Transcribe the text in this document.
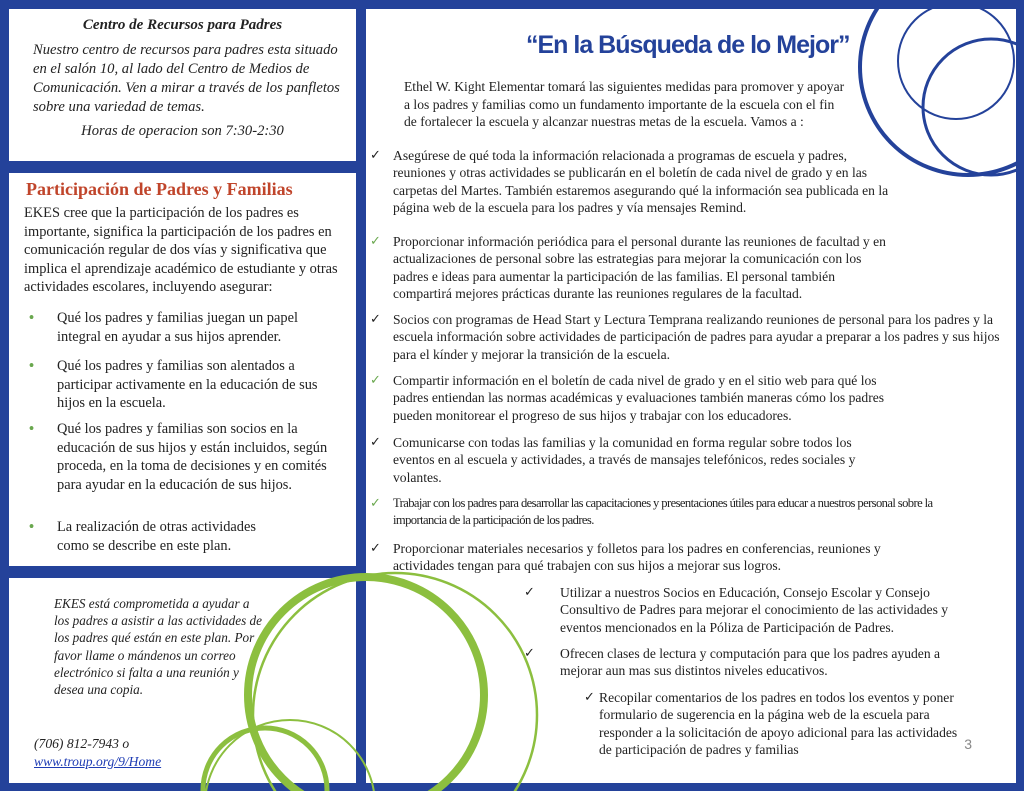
Centro de Recursos para Padres
Nuestro centro de recursos para padres esta situado en el salón 10, al lado del Centro de Medios de Comunicación. Ven a mirar a través de los panfletos sobre una variedad de temas.
Horas de operacion son 7:30-2:30
Participación de Padres y Familias
EKES cree que la participación de los padres es importante, significa la participación de los padres en comunicación regular de dos vías y significativa que implica el aprendizaje académico de estudiante y otras actividades escolares, incluyendo asegurar:
• Qué los padres y familias juegan un papel integral en ayudar a sus hijos aprender.
• Qué los padres y familias son alentados a participar activamente en la educación de sus hijos en la escuela.
• Qué los padres y familias son socios en la educación de sus hijos y están incluidos, según proceda, en la toma de decisiones y en comités para ayudar en la educación de sus hijos.
• La realización de otras actividades como se describe en este plan.
EKES está comprometida a ayudar a los padres a asistir a las actividades de los padres qué están en este plan. Por favor llame o mándenos un correo electrónico si falta a una reunión y desea una copia.
(706) 812-7943 o
www.troup.org/9/Home
“En la Búsqueda de lo Mejor”
Ethel W. Kight Elementar tomará las siguientes medidas para promover y apoyar a los padres y familias como un fundamento importante de la escuela con el fin de fortalecer la escuela y alcanzar nuestras metas de la escuela. Vamos a :
✓ Asegúrese de qué toda la información relacionada a programas de escuela y padres, reuniones y otras actividades se publicarán en el boletín de cada nivel de grado y en las carpetas del Martes. También estaremos asegurando qué la información sea publicada en la página web de la escuela para los padres y vía mensajes Remind.
✓ Proporcionar información periódica para el personal durante las reuniones de facultad y en actualizaciones de personal sobre las estrategias para mejorar la comunicación con los padres e ideas para aumentar la participación de las familias. El personal también compartirá mejores prácticas durante las reuniones regulares de la facultad.
✓ Socios con programas de Head Start y Lectura Temprana realizando reuniones de personal para los padres y la escuela información sobre actividades de participación de padres para ayudar a preparar a los padres y sus hijos para el kínder y mejorar la transición de la escuela.
✓ Compartir información en el boletín de cada nivel de grado y en el sitio web para qué los padres entiendan las normas académicas y evaluaciones también maneras cómo los padres pueden monitorear el progreso de sus hijos y trabajar con los educadores.
✓ Comunicarse con todas las familias y la comunidad en forma regular sobre todos los eventos en al escuela y actividades, a través de mansajes telefónicos, redes sociales y volantes.
✓ Trabajar con los padres para desarrollar las capacitaciones y presentaciones útiles para educar a nuestros personal sobre la importancia de la participación de los padres.
✓ Proporcionar materiales necesarios y folletos para los padres en conferencias, reuniones y actividades tengan para qué trabajen con sus hijos a mejorar sus logros.
✓ Utilizar a nuestros Socios en Educación, Consejo Escolar y Consejo Consultivo de Padres para mejorar el conocimiento de las actividades y eventos mencionados en la Póliza de Participación de Padres.
✓ Ofrecen clases de lectura y computación para que los padres ayuden a mejorar aun mas sus distintos niveles educativos.
✓ Recopilar comentarios de los padres en todos los eventos y poner formulario de sugerencia en la página web de la escuela para responder a la solicitación de apoyo adicional para las actividades de participación de padres y familias	3
